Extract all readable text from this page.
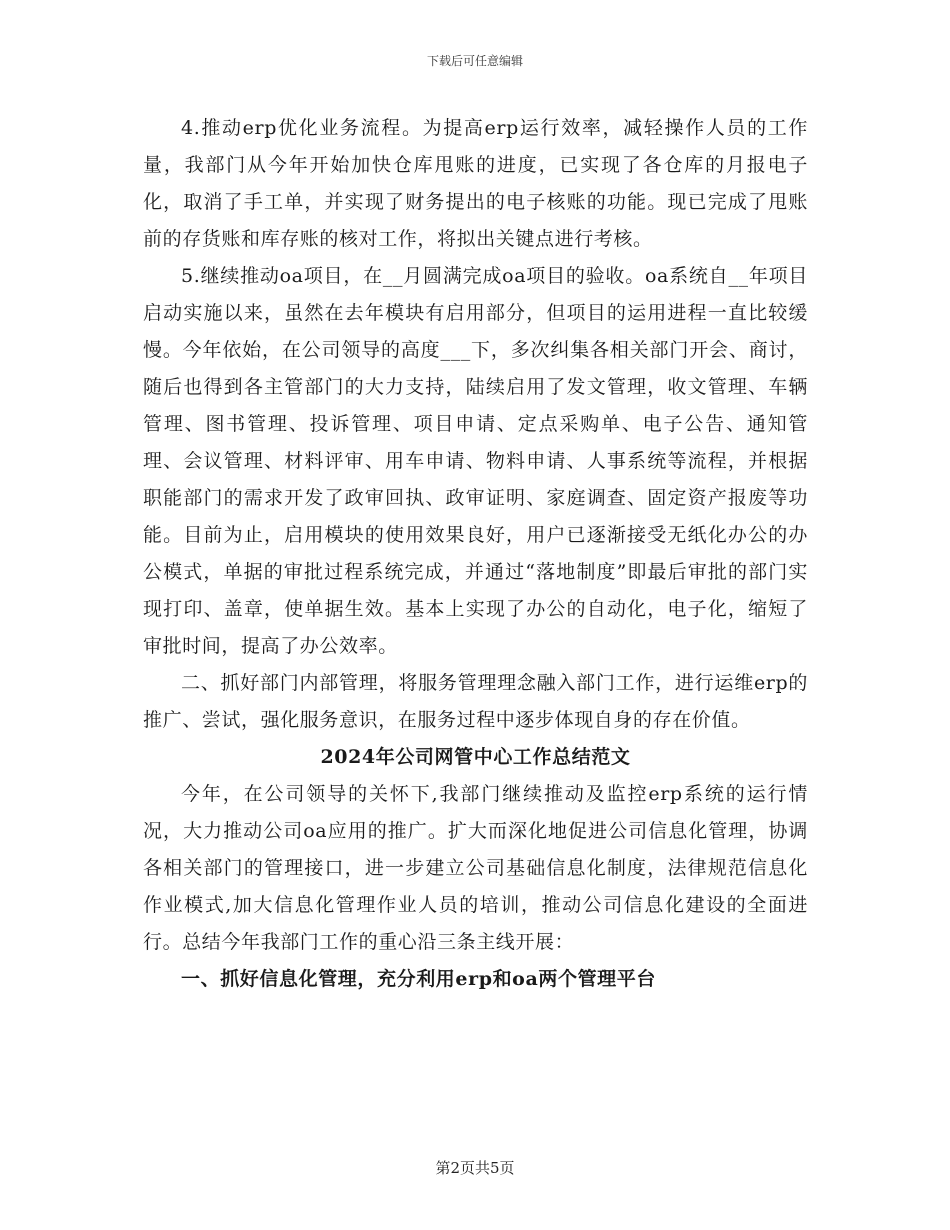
下载后可任意编辑

4.推动erp优化业务流程。为提高erp运行效率，减轻操作人员的工作量，我部门从今年开始加快仓库甩账的进度，已实现了各仓库的月报电子化，取消了手工单，并实现了财务提出的电子核账的功能。现已完成了甩账前的存货账和库存账的核对工作，将拟出关键点进行考核。

5.继续推动oa项目，在__月圆满完成oa项目的验收。oa系统自__年项目启动实施以来，虽然在去年模块有启用部分，但项目的运用进程一直比较缓慢。今年依始，在公司领导的高度___下，多次纠集各相关部门开会、商讨，随后也得到各主管部门的大力支持，陆续启用了发文管理，收文管理、车辆管理、图书管理、投诉管理、项目申请、定点采购单、电子公告、通知管理、会议管理、材料评审、用车申请、物料申请、人事系统等流程，并根据职能部门的需求开发了政审回执、政审证明、家庭调查、固定资产报废等功能。目前为止，启用模块的使用效果良好，用户已逐渐接受无纸化办公的办公模式，单据的审批过程系统完成，并通过“落地制度”即最后审批的部门实现打印、盖章，使单据生效。基本上实现了办公的自动化，电子化，缩短了审批时间，提高了办公效率。

二、抓好部门内部管理，将服务管理理念融入部门工作，进行运维erp的推广、尝试，强化服务意识，在服务过程中逐步体现自身的存在价值。

2024年公司网管中心工作总结范文

今年，在公司领导的关怀下,我部门继续推动及监控erp系统的运行情况，大力推动公司oa应用的推广。扩大而深化地促进公司信息化管理，协调各相关部门的管理接口，进一步建立公司基础信息化制度，法律规范信息化作业模式,加大信息化管理作业人员的培训，推动公司信息化建设的全面进行。总结今年我部门工作的重心沿三条主线开展：

一、抓好信息化管理，充分利用erp和oa两个管理平台

第2页共5页
